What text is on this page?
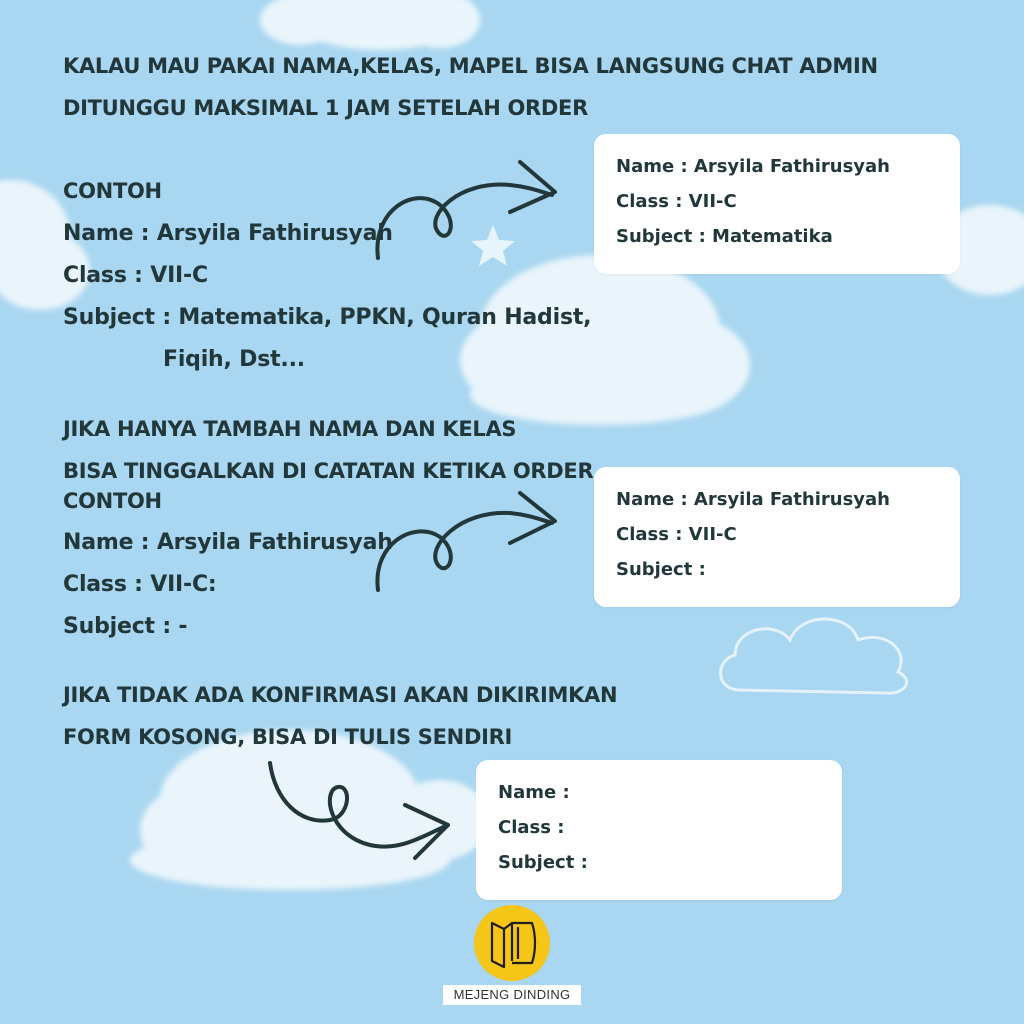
KALAU MAU PAKAI NAMA,KELAS, MAPEL BISA LANGSUNG CHAT ADMIN

DITUNGGU MAKSIMAL 1 JAM SETELAH ORDER

CONTOH

Name : Arsyila Fathirusyah

Class : VII-C

Subject : Matematika, PPKN, Quran Hadist,

Fiqih, Dst...

Name : Arsyila Fathirusyah
Class : VII-C
Subject : Matematika

JIKA HANYA TAMBAH NAMA DAN KELAS

BISA TINGGALKAN DI CATATAN KETIKA ORDER

CONTOH

Name : Arsyila Fathirusyah

Class : VII-C:

Subject : -

Name : Arsyila Fathirusyah
Class : VII-C
Subject :

JIKA TIDAK ADA KONFIRMASI AKAN DIKIRIMKAN

FORM KOSONG, BISA DI TULIS SENDIRI

Name :
Class :
Subject :

MEJENG DINDING
